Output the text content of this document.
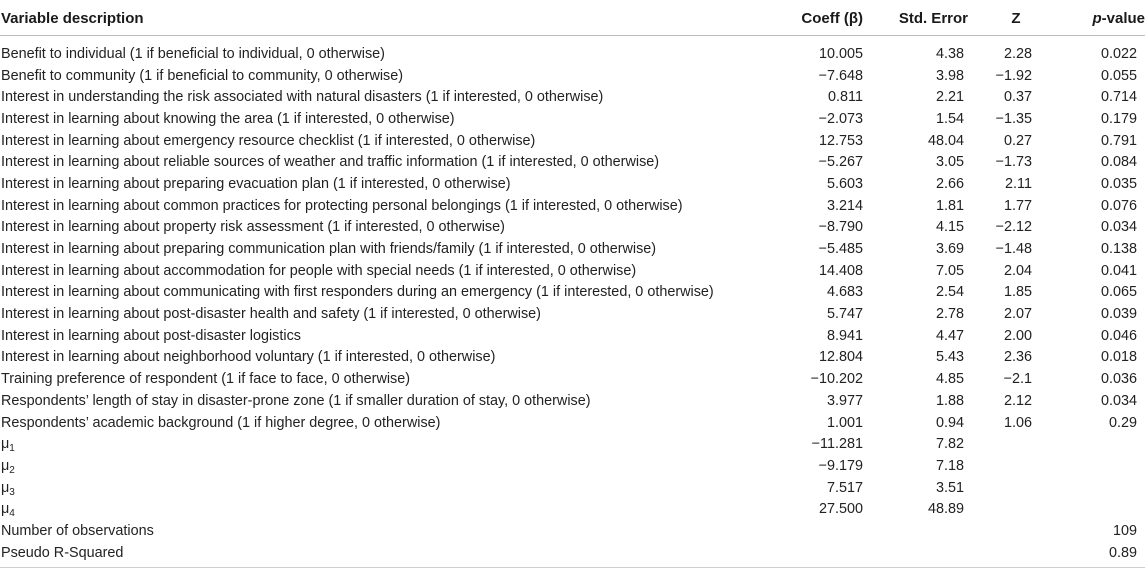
Variable description	Coeff (β)	Std. Error	Z	p-value

Benefit to individual (1 if beneficial to individual, 0 otherwise)	10.005	4.38	2.28	0.022
Benefit to community (1 if beneficial to community, 0 otherwise)	−7.648	3.98	−1.92	0.055
Interest in understanding the risk associated with natural disasters (1 if interested, 0 otherwise)	0.811	2.21	0.37	0.714
Interest in learning about knowing the area (1 if interested, 0 otherwise)	−2.073	1.54	−1.35	0.179
Interest in learning about emergency resource checklist (1 if interested, 0 otherwise)	12.753	48.04	0.27	0.791
Interest in learning about reliable sources of weather and traffic information (1 if interested, 0 otherwise)	−5.267	3.05	−1.73	0.084
Interest in learning about preparing evacuation plan (1 if interested, 0 otherwise)	5.603	2.66	2.11	0.035
Interest in learning about common practices for protecting personal belongings (1 if interested, 0 otherwise)	3.214	1.81	1.77	0.076
Interest in learning about property risk assessment (1 if interested, 0 otherwise)	−8.790	4.15	−2.12	0.034
Interest in learning about preparing communication plan with friends/family (1 if interested, 0 otherwise)	−5.485	3.69	−1.48	0.138
Interest in learning about accommodation for people with special needs (1 if interested, 0 otherwise)	14.408	7.05	2.04	0.041
Interest in learning about communicating with first responders during an emergency (1 if interested, 0 otherwise)	4.683	2.54	1.85	0.065
Interest in learning about post-disaster health and safety (1 if interested, 0 otherwise)	5.747	2.78	2.07	0.039
Interest in learning about post-disaster logistics	8.941	4.47	2.00	0.046
Interest in learning about neighborhood voluntary (1 if interested, 0 otherwise)	12.804	5.43	2.36	0.018
Training preference of respondent (1 if face to face, 0 otherwise)	−10.202	4.85	−2.1	0.036
Respondents’ length of stay in disaster-prone zone (1 if smaller duration of stay, 0 otherwise)	3.977	1.88	2.12	0.034
Respondents’ academic background (1 if higher degree, 0 otherwise)	1.001	0.94	1.06	0.29
$\mu_1$	−11.281	7.82		
$\mu_2$	−9.179	7.18		
$\mu_3$	7.517	3.51		
$\mu_4$	27.500	48.89		
Number of observations				109
Pseudo R-Squared				0.89
